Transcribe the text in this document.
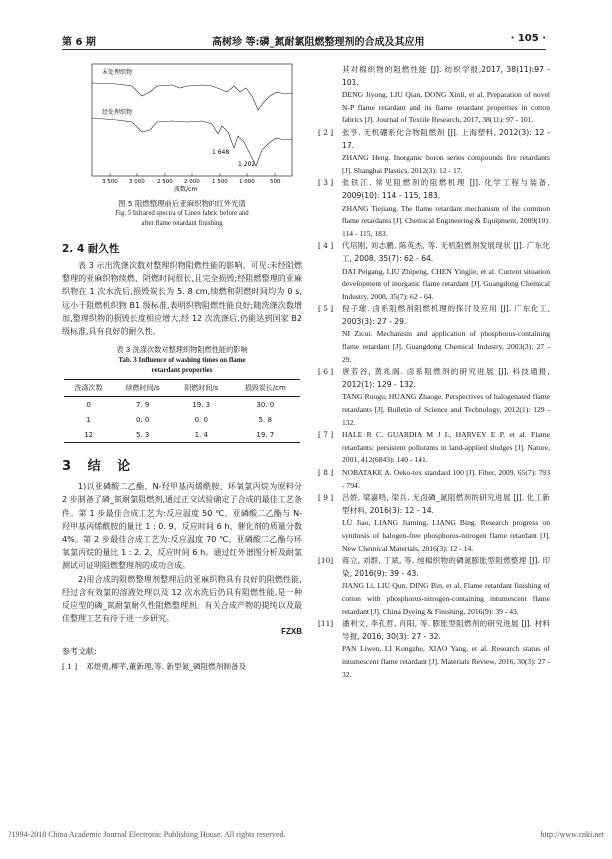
第 6 期	高树珍 等:磷_氮耐氯阻燃整理剂的合成及其应用	· 105 ·
未处理织物
经处理织物
1 648
1 202
3 500 3 000 2 500 2 000 1 500 1 000	500
波数/cm
图 5 阻燃整理前后亚麻织物的红外光谱
Fig. 5 Infrared spectra of Linen fabric before and
after flame retardant finishing
2. 4 耐久性
表 3 示出洗涤次数对整理织物阻燃性能的影响。可见:未经阻燃整理的亚麻织物续燃、阴燃时间很长,且完全损毁;经阻燃整理的亚麻织物在 1 次水洗后,损毁炭长为 5. 8 cm,续燃和阴燃时间均为 0 s,远小于阻燃机织物 B1 级标准,表明织物阻燃性能良好;随洗涤次数增加,整理织物的损毁长度相应增大,经 12 次洗涤后,仍能达到国家 B2 级标准,具有良好的耐久性。
表 3 洗涤次数对整理织物阻燃性能的影响
Tab. 3 Influence of washing times on flame
retardant properties
洗涤次数	续燃时间/s	阴燃时间/s	损毁炭长/cm
0	7. 9	19. 3	30. 0
1	0. 0	0. 0	5. 8
12	5. 3	1. 4	19. 7
3 结 论
1)以亚磷酸二乙酯、N-羟甲基丙烯酰胺、环氧氯丙烷为原料分 2 步制备了磷_氮耐氯阻燃剂,通过正交试验确定了合成的最佳工艺条件。第 1 步最佳合成工艺为:反应温度 50 ℃、亚磷酸二乙酯与 N-羟甲基丙烯酰胺的量比 1 : 0. 9、反应时间 6 h、催化剂的质量分数 4%。第 2 步最佳合成工艺为:反应温度 70 ℃、亚磷酸二乙酯与环氧氯丙烷的量比 1 : 2. 2、反应时间 6 h。通过红外谱图分析及耐氯测试可证明阻燃整理剂的成功合成。
2)用合成的阻燃整理剂整理后的亚麻织物具有良好的阻燃性能,经过含有效氯的溶液处理以及 12 次水洗后仍具有阻燃性能,是一种反应型的磷_氮耐氯耐久性阻燃整理剂。有关合成产物的提纯以及最佳整理工艺有待于进一步研究。
FZXB
参考文献:
[ 1 ] 邓煜勇,柳芊,董新理,等. 新型氮_磷阻燃剂制备及
其对棉织物的阻燃性能 [J]. 纺织学报,2017, 38(11):97 - 101.
DENG Jiyong, LIU Qian, DONG Xinli, et al. Preparation of novel N-P flame retardant and its flame retardant properties in cotton fabrics [J]. Journal of Textile Research, 2017, 38(11): 97 - 101.
[ 2 ] 张亨. 无机硼系化合物阻燃剂 [J]. 上海塑料, 2012(3): 12 - 17.
ZHANG Heng. Inorganic boron series compounds fire retardants [J]. Shanghai Plastics, 2012(3): 12 - 17.
[ 3 ] 张铁江. 常见阻燃剂的阻燃机理 [J]. 化学工程与装备, 2009(10): 114 - 115, 183.
ZHANG Tiejiang. The flame retardant mechanism of the common flame retardants [J]. Chemical Engineering & Equipment, 2009(10): 114 - 115, 183.
[ 4 ] 代培刚, 刘志鹏, 陈英杰, 等. 无机阻燃剂发展现状 [J]. 广东化工, 2008, 35(7): 62 - 64.
DAI Peigang, LIU Zhipeng, CHEN Yingjie, et al. Current situation development of inorganic flame retardant [J]. Guangdong Chemical Industry, 2008, 35(7): 62 - 64.
[ 5 ] 倪子璀. 卤系阻燃剂阻燃机理的探讨及应用 [J]. 广东化工, 2003(3): 27 - 29.
NI Zicui. Mechanism and application of phosphorus-containing flame retardant [J]. Guangdong Chemical Industry, 2003(3): 27 - 29.
[ 6 ] 唐若谷, 黄兆阁. 卤系阻燃剂的研究进展 [J]. 科技通报, 2012(1): 129 - 132.
TANG Ruogu, HUANG Zhaoge. Perspectives of halogenated flame retardants [J]. Bulletin of Science and Technology, 2012(1): 129 - 132.
[ 7 ] HALE R C, GUARDIA M J L, HARVEY E P, et al. Flame retardants: persistent pollutants in land-applied sludges [J]. Nature, 2001, 412(6843): 140 - 141.
[ 8 ] NOBATAKE A. Oeko-tex standard 100 [J]. Fiber, 2009, 65(7): 793 - 794.
[ 9 ] 吕娇, 梁嘉鸣, 梁兵. 无卤磷_氮阻燃剂的研究进展 [J]. 化工新型材料, 2016(3): 12 - 14.
LÜ Jiao, LIANG Jiaming, LIANG Bing. Research progress on synthesis of halogen-free phosphorus-nitrogen flame retardant [J]. New Chemical Materials, 2016(3): 12 - 14.
[10] 蒋立, 刘群, 丁斌, 等. 纯棉织物的磷氮膨胀型阻燃整理 [J]. 印染, 2016(9): 39 - 43.
JIANG Li, LIU Qun, DING Bin, et al. Flame retardant finishing of cotton with phosphorus-nitrogen-containing intumescent flame retardant [J]. China Dyeing & Finishing, 2016(9): 39 - 43.
[11] 潘利文, 李孔哲, 肖阳, 等. 膨胀型阻燃剂的研究进展 [J]. 材料导报, 2016, 30(3): 27 - 32.
PAN Liwen, LI Kongzhe, XIAO Yang, et al. Research status of intumescent flame retardant [J]. Materials Review, 2016, 30(3): 27 - 32.
?1994-2018 China Academic Journal Electronic Publishing House. All rights reserved.	http://www.cnki.net
